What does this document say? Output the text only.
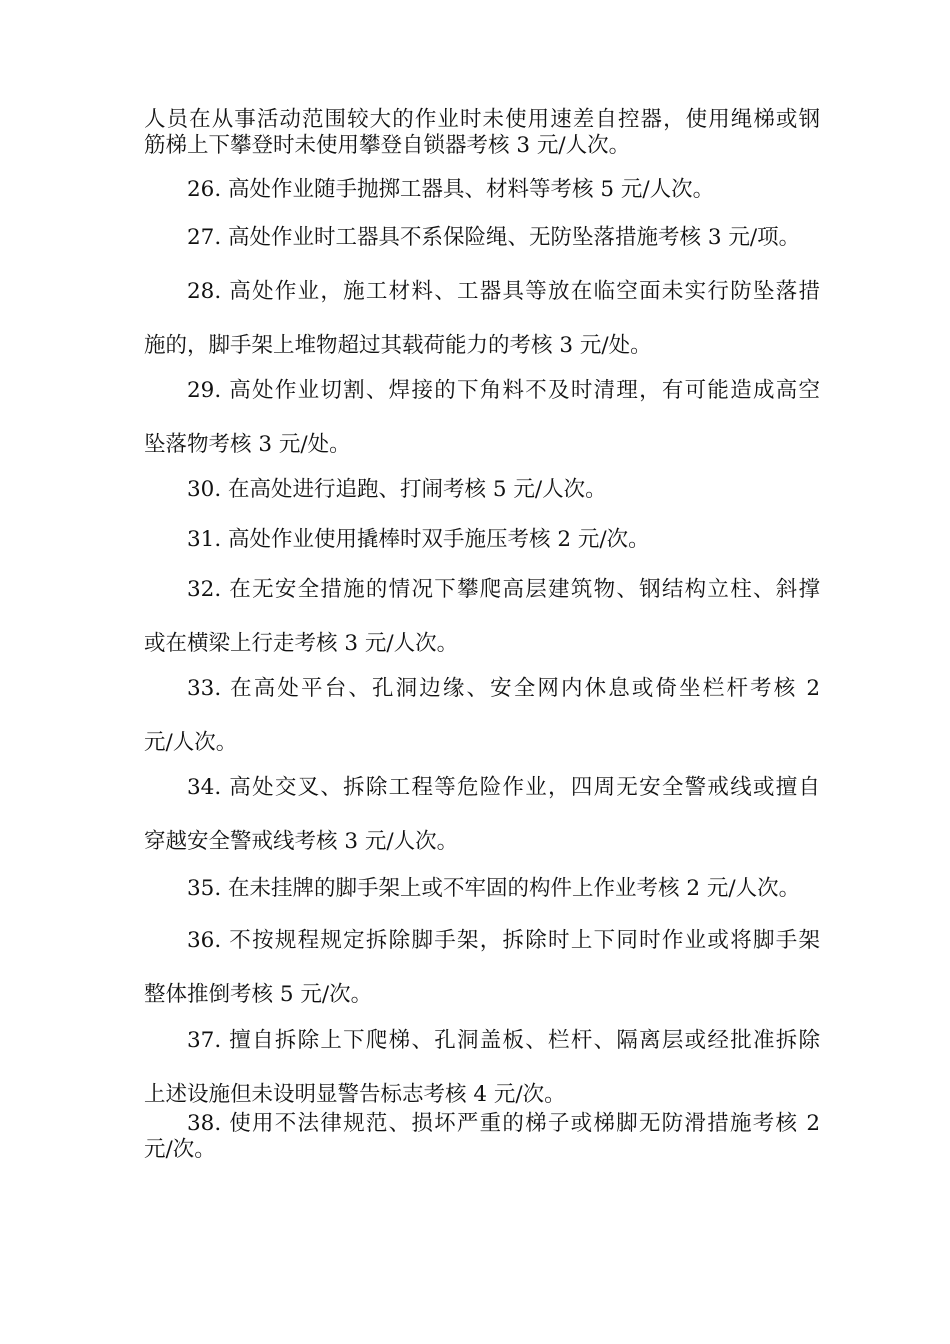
人员在从事活动范围较大的作业时未使用速差自控器，使用绳梯或钢
筋梯上下攀登时未使用攀登自锁器考核 3 元/人次。

26. 高处作业随手抛掷工器具、材料等考核 5 元/人次。

27. 高处作业时工器具不系保险绳、无防坠落措施考核 3 元/项。

28. 高处作业，施工材料、工器具等放在临空面未实行防坠落措
施的，脚手架上堆物超过其载荷能力的考核 3 元/处。

29. 高处作业切割、焊接的下角料不及时清理，有可能造成高空
坠落物考核 3 元/处。

30. 在高处进行追跑、打闹考核 5 元/人次。

31. 高处作业使用撬棒时双手施压考核 2 元/次。

32. 在无安全措施的情况下攀爬高层建筑物、钢结构立柱、斜撑
或在横梁上行走考核 3 元/人次。

33. 在高处平台、孔洞边缘、安全网内休息或倚坐栏杆考核 2
元/人次。

34. 高处交叉、拆除工程等危险作业，四周无安全警戒线或擅自
穿越安全警戒线考核 3 元/人次。

35. 在未挂牌的脚手架上或不牢固的构件上作业考核 2 元/人次。

36. 不按规程规定拆除脚手架，拆除时上下同时作业或将脚手架
整体推倒考核 5 元/次。

37. 擅自拆除上下爬梯、孔洞盖板、栏杆、隔离层或经批准拆除
上述设施但未设明显警告标志考核 4 元/次。

38. 使用不法律规范、损坏严重的梯子或梯脚无防滑措施考核 2
元/次。
